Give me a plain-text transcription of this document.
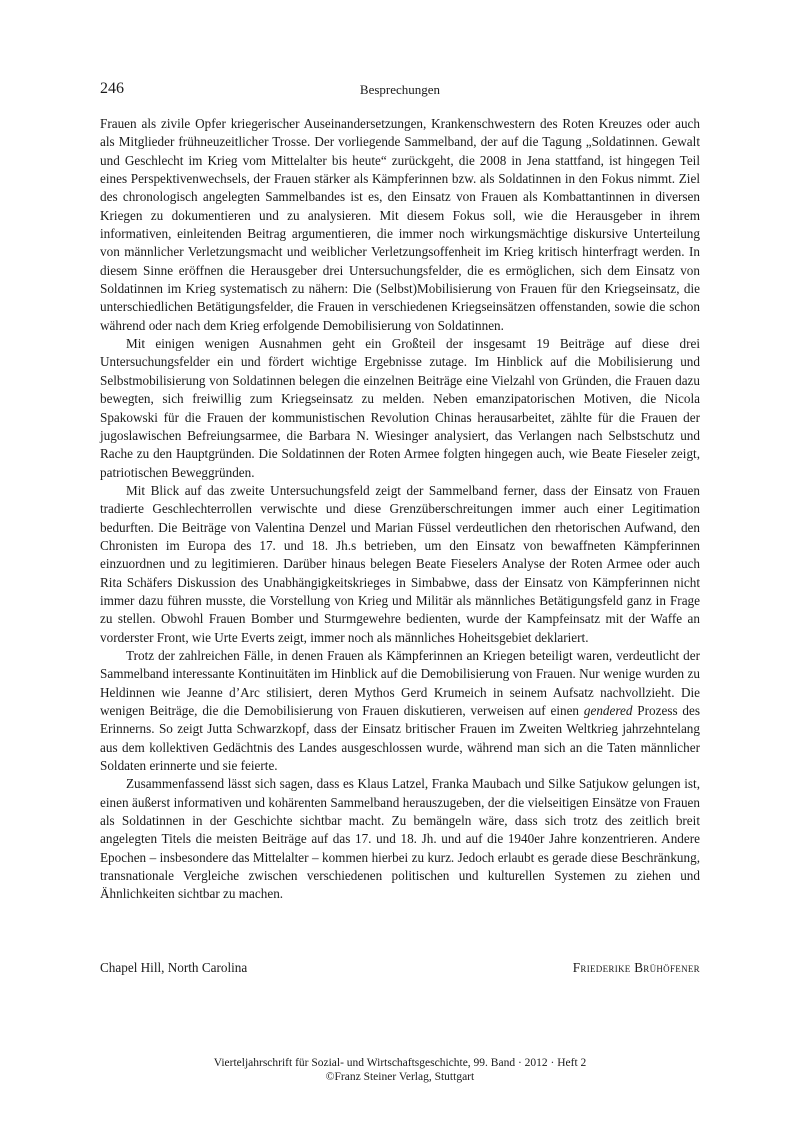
246	Besprechungen

Frauen als zivile Opfer kriegerischer Auseinandersetzungen, Krankenschwestern des Roten Kreuzes oder auch als Mitglieder frühneuzeitlicher Trosse. Der vorliegende Sammelband, der auf die Tagung „Soldatinnen. Gewalt und Geschlecht im Krieg vom Mittelalter bis heute“ zurückgeht, die 2008 in Jena stattfand, ist hingegen Teil eines Perspektivenwechsels, der Frauen stärker als Kämpferinnen bzw. als Soldatinnen in den Fokus nimmt. Ziel des chronologisch angelegten Sammelbandes ist es, den Einsatz von Frauen als Kombattantinnen in diversen Kriegen zu dokumentieren und zu analysieren. Mit diesem Fokus soll, wie die Herausgeber in ihrem informativen, einleitenden Beitrag argumentieren, die immer noch wirkungsmächtige diskursive Unterteilung von männlicher Verletzungsmacht und weiblicher Verletzungsoffenheit im Krieg kritisch hinterfragt werden. In diesem Sinne eröffnen die Herausgeber drei Untersuchungsfelder, die es ermöglichen, sich dem Einsatz von Soldatinnen im Krieg systematisch zu nähern: Die (Selbst)Mobilisierung von Frauen für den Kriegseinsatz, die unterschiedlichen Betätigungsfelder, die Frauen in verschiedenen Kriegseinsätzen offenstanden, sowie die schon während oder nach dem Krieg erfolgende Demobilisierung von Soldatinnen.

Mit einigen wenigen Ausnahmen geht ein Großteil der insgesamt 19 Beiträge auf diese drei Untersuchungsfelder ein und fördert wichtige Ergebnisse zutage. Im Hinblick auf die Mobilisierung und Selbstmobilisierung von Soldatinnen belegen die einzelnen Beiträge eine Vielzahl von Gründen, die Frauen dazu bewegten, sich freiwillig zum Kriegseinsatz zu melden. Neben emanzipatorischen Motiven, die Nicola Spakowski für die Frauen der kommunistischen Revolution Chinas herausarbeitet, zählte für die Frauen der jugoslawischen Befreiungsarmee, die Barbara N. Wiesinger analysiert, das Verlangen nach Selbstschutz und Rache zu den Hauptgründen. Die Soldatinnen der Roten Armee folgten hingegen auch, wie Beate Fieseler zeigt, patriotischen Beweggründen.

Mit Blick auf das zweite Untersuchungsfeld zeigt der Sammelband ferner, dass der Einsatz von Frauen tradierte Geschlechterrollen verwischte und diese Grenzüberschreitungen immer auch einer Legitimation bedurften. Die Beiträge von Valentina Denzel und Marian Füssel verdeutlichen den rhetorischen Aufwand, den Chronisten im Europa des 17. und 18. Jh.s betrieben, um den Einsatz von bewaffneten Kämpferinnen einzuordnen und zu legitimieren. Darüber hinaus belegen Beate Fieselers Analyse der Roten Armee oder auch Rita Schäfers Diskussion des Unabhängigkeitskrieges in Simbabwe, dass der Einsatz von Kämpferinnen nicht immer dazu führen musste, die Vorstellung von Krieg und Militär als männliches Betätigungsfeld ganz in Frage zu stellen. Obwohl Frauen Bomber und Sturmgewehre bedienten, wurde der Kampfeinsatz mit der Waffe an vorderster Front, wie Urte Everts zeigt, immer noch als männliches Hoheitsgebiet deklariert.

Trotz der zahlreichen Fälle, in denen Frauen als Kämpferinnen an Kriegen beteiligt waren, verdeutlicht der Sammelband interessante Kontinuitäten im Hinblick auf die Demobilisierung von Frauen. Nur wenige wurden zu Heldinnen wie Jeanne d’Arc stilisiert, deren Mythos Gerd Krumeich in seinem Aufsatz nachvollzieht. Die wenigen Beiträge, die die Demobilisierung von Frauen diskutieren, verweisen auf einen gendered Prozess des Erinnerns. So zeigt Jutta Schwarzkopf, dass der Einsatz britischer Frauen im Zweiten Weltkrieg jahrzehntelang aus dem kollektiven Gedächtnis des Landes ausgeschlossen wurde, während man sich an die Taten männlicher Soldaten erinnerte und sie feierte.

Zusammenfassend lässt sich sagen, dass es Klaus Latzel, Franka Maubach und Silke Satjukow gelungen ist, einen äußerst informativen und kohärenten Sammelband herauszugeben, der die vielseitigen Einsätze von Frauen als Soldatinnen in der Geschichte sichtbar macht. Zu bemängeln wäre, dass sich trotz des zeitlich breit angelegten Titels die meisten Beiträge auf das 17. und 18. Jh. und auf die 1940er Jahre konzentrieren. Andere Epochen – insbesondere das Mittelalter – kommen hierbei zu kurz. Jedoch erlaubt es gerade diese Beschränkung, transnationale Vergleiche zwischen verschiedenen politischen und kulturellen Systemen zu ziehen und Ähnlichkeiten sichtbar zu machen.

Chapel Hill, North Carolina	Friederike Brühöfener
Vierteljahrschrift für Sozial- und Wirtschaftsgeschichte, 99. Band · 2012 · Heft 2
©Franz Steiner Verlag, Stuttgart
